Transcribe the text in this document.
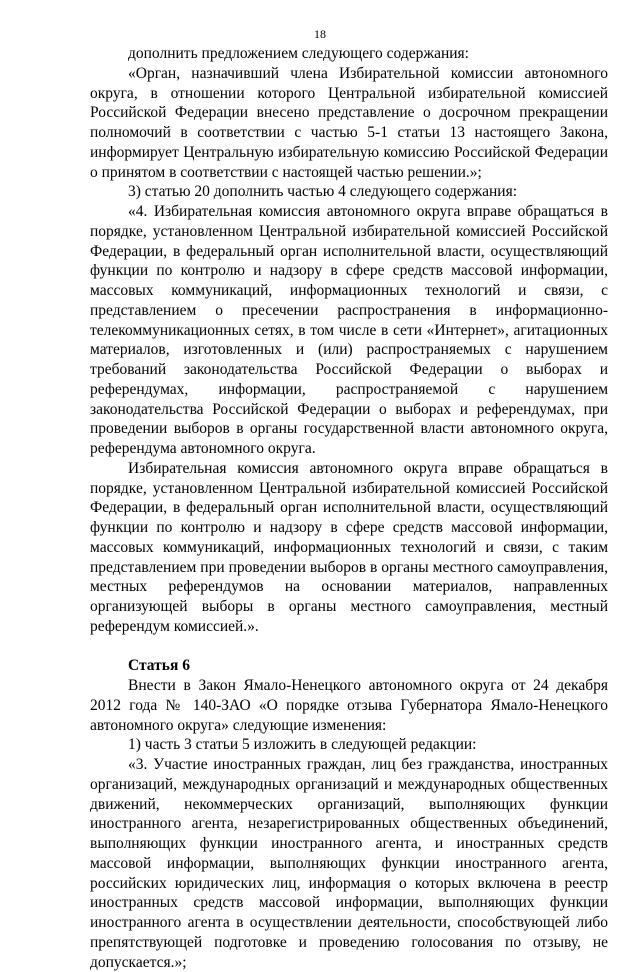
18

дополнить предложением следующего содержания:

«Орган, назначивший члена Избирательной комиссии автономного округа, в отношении которого Центральной избирательной комиссией Российской Федерации внесено представление о досрочном прекращении полномочий в соответствии с частью 5-1 статьи 13 настоящего Закона, информирует Центральную избирательную комиссию Российской Федерации о принятом в соответствии с настоящей частью решении.»;

3) статью 20 дополнить частью 4 следующего содержания:

«4. Избирательная комиссия автономного округа вправе обращаться в порядке, установленном Центральной избирательной комиссией Российской Федерации, в федеральный орган исполнительной власти, осуществляющий функции по контролю и надзору в сфере средств массовой информации, массовых коммуникаций, информационных технологий и связи, с представлением о пресечении распространения в информационно-телекоммуникационных сетях, в том числе в сети «Интернет», агитационных материалов, изготовленных и (или) распространяемых с нарушением требований законодательства Российской Федерации о выборах и референдумах, информации, распространяемой с нарушением законодательства Российской Федерации о выборах и референдумах, при проведении выборов в органы государственной власти автономного округа, референдума автономного округа.

Избирательная комиссия автономного округа вправе обращаться в порядке, установленном Центральной избирательной комиссией Российской Федерации, в федеральный орган исполнительной власти, осуществляющий функции по контролю и надзору в сфере средств массовой информации, массовых коммуникаций, информационных технологий и связи, с таким представлением при проведении выборов в органы местного самоуправления, местных референдумов на основании материалов, направленных организующей выборы в органы местного самоуправления, местный референдум комиссией.».

Статья 6

Внести в Закон Ямало-Ненецкого автономного округа от 24 декабря 2012 года № 140-ЗАО «О порядке отзыва Губернатора Ямало-Ненецкого автономного округа» следующие изменения:

1) часть 3 статьи 5 изложить в следующей редакции:

«3. Участие иностранных граждан, лиц без гражданства, иностранных организаций, международных организаций и международных общественных движений, некоммерческих организаций, выполняющих функции иностранного агента, незарегистрированных общественных объединений, выполняющих функции иностранного агента, и иностранных средств массовой информации, выполняющих функции иностранного агента, российских юридических лиц, информация о которых включена в реестр иностранных средств массовой информации, выполняющих функции иностранного агента в осуществлении деятельности, способствующей либо препятствующей подготовке и проведению голосования по отзыву, не допускается.»;
